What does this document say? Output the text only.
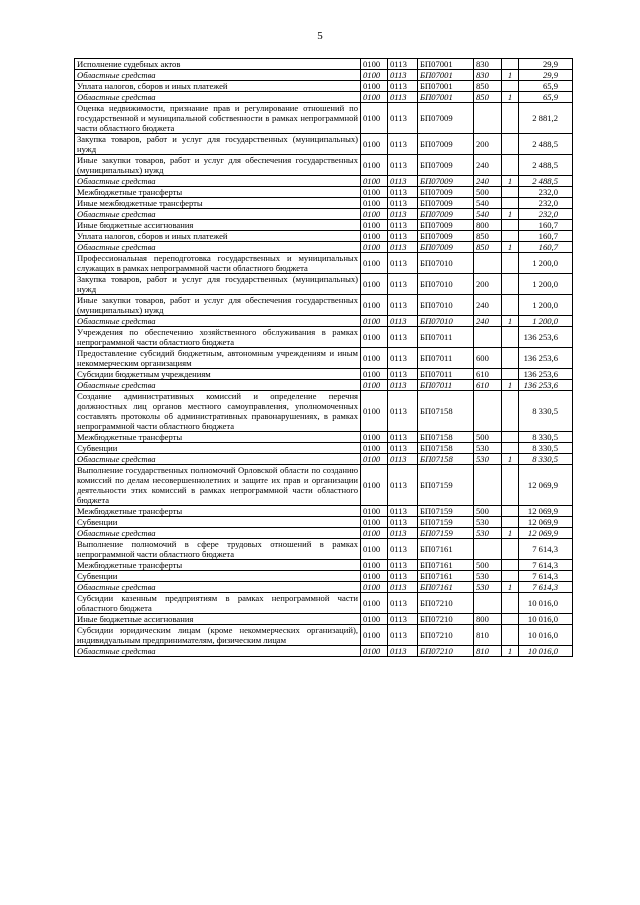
5
Исполнение судебных актов	0100	0113	БП07001	830		29,9
Областные средства	0100	0113	БП07001	830	1	29,9
Уплата налогов, сборов и иных платежей	0100	0113	БП07001	850		65,9
Областные средства	0100	0113	БП07001	850	1	65,9
Оценка недвижимости, признание прав и регулирование отношений по государственной и муниципальной собственности в рамках непрограммной части областного бюджета	0100	0113	БП07009			2 881,2
Закупка товаров, работ и услуг для государственных (муниципальных) нужд	0100	0113	БП07009	200		2 488,5
Иные закупки товаров, работ и услуг для обеспечения государственных (муниципальных) нужд	0100	0113	БП07009	240		2 488,5
Областные средства	0100	0113	БП07009	240	1	2 488,5
Межбюджетные трансферты	0100	0113	БП07009	500		232,0
Иные межбюджетные трансферты	0100	0113	БП07009	540		232,0
Областные средства	0100	0113	БП07009	540	1	232,0
Иные бюджетные ассигнования	0100	0113	БП07009	800		160,7
Уплата налогов, сборов и иных платежей	0100	0113	БП07009	850		160,7
Областные средства	0100	0113	БП07009	850	1	160,7
Профессиональная переподготовка государственных и муниципальных служащих в рамках непрограммной части областного бюджета	0100	0113	БП07010			1 200,0
Закупка товаров, работ и услуг для государственных (муниципальных) нужд	0100	0113	БП07010	200		1 200,0
Иные закупки товаров, работ и услуг для обеспечения государственных (муниципальных) нужд	0100	0113	БП07010	240		1 200,0
Областные средства	0100	0113	БП07010	240	1	1 200,0
Учреждения по обеспечению хозяйственного обслуживания в рамках непрограммной части областного бюджета	0100	0113	БП07011			136 253,6
Предоставление субсидий бюджетным, автономным учреждениям и иным некоммерческим организациям	0100	0113	БП07011	600		136 253,6
Субсидии бюджетным учреждениям	0100	0113	БП07011	610		136 253,6
Областные средства	0100	0113	БП07011	610	1	136 253,6
Создание административных комиссий и определение перечня должностных лиц органов местного самоуправления, уполномоченных составлять протоколы об административных правонарушениях, в рамках непрограммной части областного бюджета	0100	0113	БП07158			8 330,5
Межбюджетные трансферты	0100	0113	БП07158	500		8 330,5
Субвенции	0100	0113	БП07158	530		8 330,5
Областные средства	0100	0113	БП07158	530	1	8 330,5
Выполнение государственных полномочий Орловской области по созданию комиссий по делам несовершеннолетних и защите их прав и организации деятельности этих комиссий в рамках непрограммной части областного бюджета	0100	0113	БП07159			12 069,9
Межбюджетные трансферты	0100	0113	БП07159	500		12 069,9
Субвенции	0100	0113	БП07159	530		12 069,9
Областные средства	0100	0113	БП07159	530	1	12 069,9
Выполнение полномочий в сфере трудовых отношений в рамках непрограммной части областного бюджета	0100	0113	БП07161			7 614,3
Межбюджетные трансферты	0100	0113	БП07161	500		7 614,3
Субвенции	0100	0113	БП07161	530		7 614,3
Областные средства	0100	0113	БП07161	530	1	7 614,3
Субсидии казенным предприятиям в рамках непрограммной части областного бюджета	0100	0113	БП07210			10 016,0
Иные бюджетные ассигнования	0100	0113	БП07210	800		10 016,0
Субсидии юридическим лицам (кроме некоммерческих организаций), индивидуальным предпринимателям, физическим лицам	0100	0113	БП07210	810		10 016,0
Областные средства	0100	0113	БП07210	810	1	10 016,0
